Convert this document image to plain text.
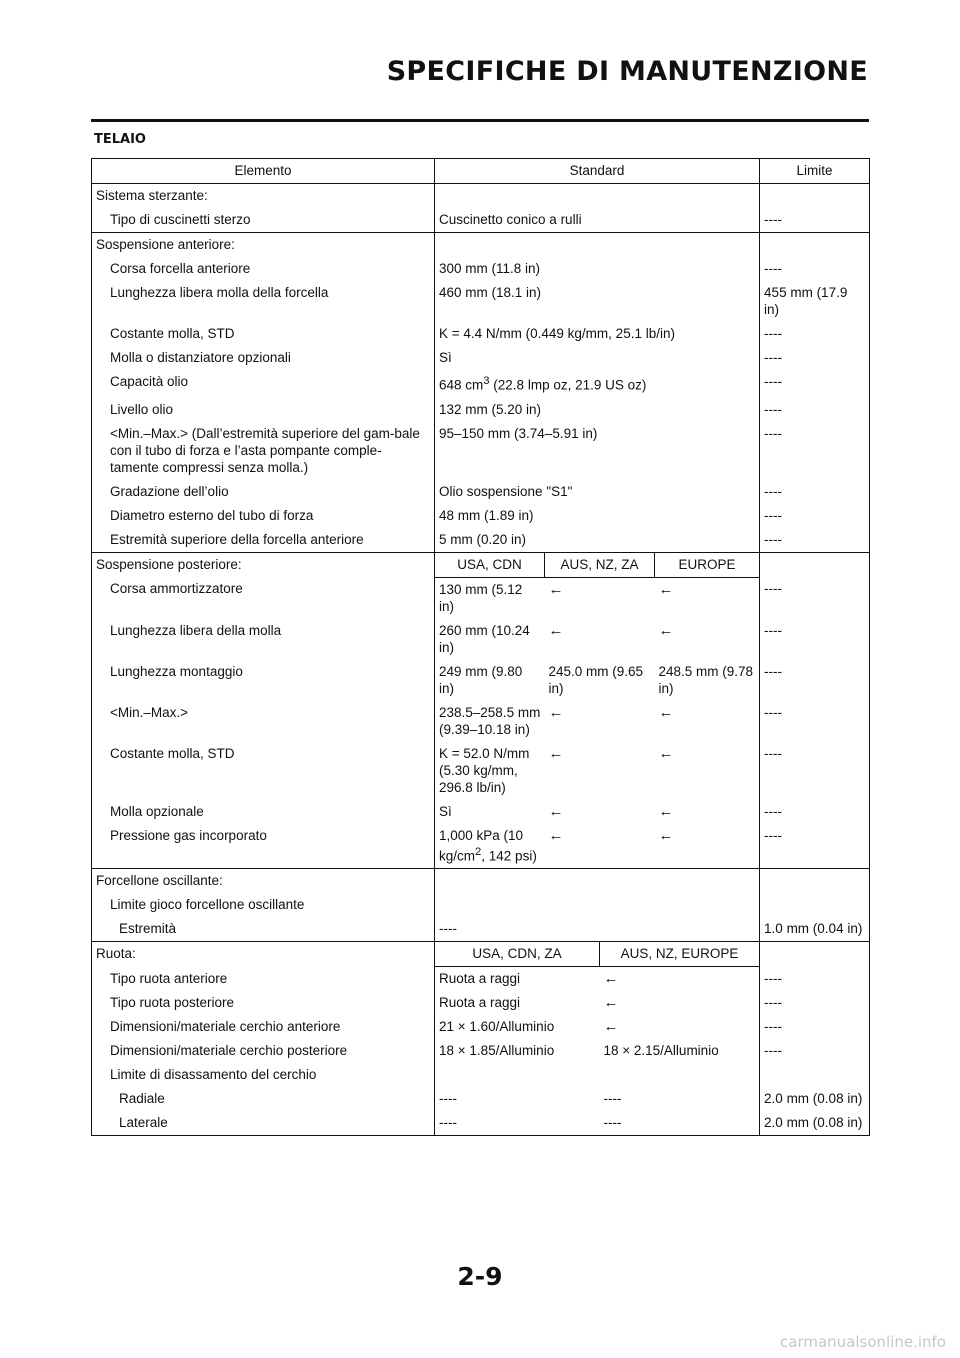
SPECIFICHE DI MANUTENZIONE
TELAIO
Elemento	Standard				Limite
Sistema sterzante:					
Tipo di cuscinetti sterzo	Cuscinetto conico a rulli				----
Sospensione anteriore:					
Corsa forcella anteriore	300 mm (11.8 in)				----
Lunghezza libera molla della forcella	460 mm (18.1 in)				455 mm (17.9 in)
Costante molla, STD	K = 4.4 N/mm (0.449 kg/mm, 25.1 lb/in)				----
Molla o distanziatore opzionali	Sì				----
Capacità olio	648 $cm^3$ (22.8 lmp oz, 21.9 US oz)				----
Livello olio	132 mm (5.20 in)				----
<Min.–Max.> (Dall’estremità superiore del gam-bale con il tubo di forza e l’asta pompante comple-tamente compressi senza molla.)	95–150 mm (3.74–5.91 in)				----
Gradazione dell’olio	Olio sospensione "S1"				----
Diametro esterno del tubo di forza	48 mm (1.89 in)				----
Estremità superiore della forcella anteriore	5 mm (0.20 in)				----
Sospensione posteriore:	USA, CDN	AUS, NZ, ZA		EUROPE	
Corsa ammortizzatore	130 mm (5.12 in)	←		←	----
Lunghezza libera della molla	260 mm (10.24 in)	←		←	----
Lunghezza montaggio	249 mm (9.80 in)	245.0 mm (9.65 in)		248.5 mm (9.78 in)	----
<Min.–Max.>	238.5–258.5 mm (9.39–10.18 in)	←		←	----
Costante molla, STD	K = 52.0 N/mm (5.30 kg/mm, 296.8 lb/in)	←		←	----
Molla opzionale	Sì	←		←	----
Pressione gas incorporato	1,000 kPa (10 $kg/cm^2$, 142 psi)	←		←	----
Forcellone oscillante:					
Limite gioco forcellone oscillante					
Estremità	----				1.0 mm (0.04 in)
Ruota:	USA, CDN, ZA		AUS, NZ, EUROPE		
Tipo ruota anteriore	Ruota a raggi		←		----
Tipo ruota posteriore	Ruota a raggi		←		----
Dimensioni/materiale cerchio anteriore	21 × 1.60/Alluminio		←		----
Dimensioni/materiale cerchio posteriore	18 × 1.85/Alluminio		18 × 2.15/Alluminio		----
Limite di disassamento del cerchio					
Radiale	----		----		2.0 mm (0.08 in)
Laterale	----		----		2.0 mm (0.08 in)

2-9

carmanualsonline.info
